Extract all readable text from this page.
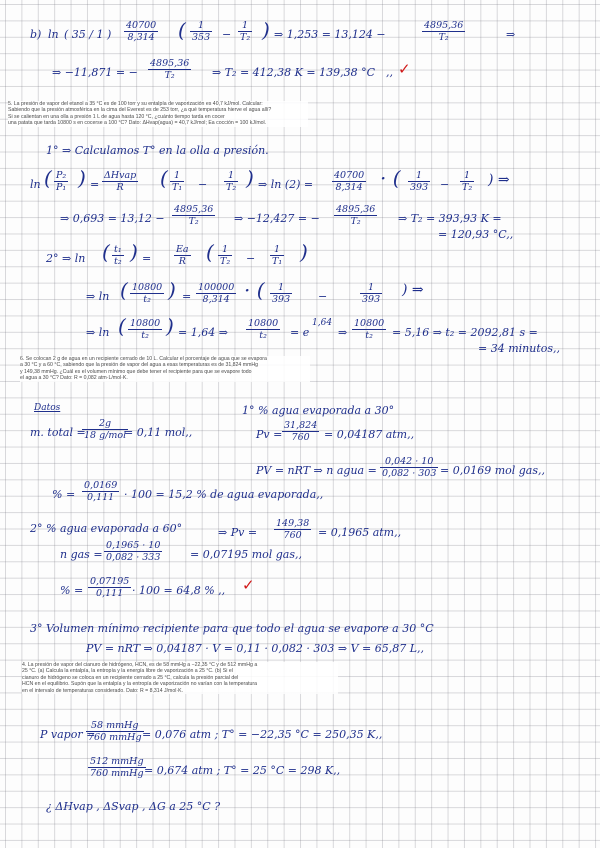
b) ln ( 35 / 1 ) $\frac{40700}{8,314}$ ( $\frac{1}{353} - \frac{1}{\text{T₂}}$ ) ⇒ 1,253 = 13,124 −	$\frac{4895,36}{\text{T₂}}$	⇒
⇒ −11,871 = − $\frac{4895,36}{\text{T₂}}$ ⇒ T₂ = 412,38 K = 139,38 °C ,, ✓
5. La presión de vapor del etanol a 35 °C es de 100 torr y su entalpía de vaporización es 40,7 kJ/mol. Calcular:
Sabiendo que la presión atmosférica en la cima del Everest es de 253 torr, ¿a qué temperatura hierve el agua allí?
Si se calientan en una olla a presión 1 L de agua hasta 120 °C, ¿cuánto tiempo tarda en cocer
una patata que tarda 10800 s en cocerse a 100 °C? Dato: ΔHvap(agua) = 40,7 kJ/mol; Ea cocción = 100 kJ/mol.
1° ⇒ Calculamos T° en la olla a presión.
ln ( $\frac{\text{P₂}}{\text{P₁}}$ ) =
ΔHvap
R	( $\frac{1}{\text{T₁}} - \frac{1}{\text{T₂}}$ ) ⇒ $\ln (2) = \frac{40700}{8,314}$ · ( $\frac{1}{393} - \frac{1}{\text{T₂}}$ ) ⇒
⇒ $0,693 = 13,12 - \frac{4895,36}{\text{T₂}}$ ⇒ −12,427 = − $\frac{4895,36}{\text{T₂}}$ ⇒ T₂ = 393,93 K =
= 120,93 °C,,
2° ⇒ ln ( $\frac{\text{t₁}}{\text{t₂}}$ ) = $\frac{Ea}{R}$ ( $\frac{1}{\text{T₂}} - \frac{1}{\text{T₁}}$ )
⇒ ln ( $\frac{10800}{\text{t₂}}$ ) = $\frac{100000}{8,314}$ · ( $\frac{1}{393}$ −	$\frac{1}{393}$ ) ⇒
⇒ ln ( $\frac{10800}{\text{t₂}}$ ) = 1,64 ⇒ $\frac{10800}{\text{t₂}} = e$
1,64
⇒ $\frac{10800}{\text{t₂}} = 5,16$ ⇒ t₂ = 2092,81 s =
= 34 minutos,,
6. Se colocan 2 g de agua en un recipiente cerrado de 10 L. Calcular el porcentaje de agua que se evapora
a 30 °C y a 60 °C, sabiendo que la presión de vapor del agua a esas temperaturas es de 31,824 mmHg
y 149,38 mmHg. ¿Cuál es el volumen mínimo que debe tener el recipiente para que se evapore todo
el agua a 30 °C? Dato: R = 0,082 atm·L/mol·K.
Datos
m. total =
2g
18 g/mol
= 0,11 mol,,
1° % agua evaporada a 30°
$Pv = \frac{31,824}{760} = 0,04187$ atm,,
PV = nRT ⇒ n agua = $\frac{0,042 \cdot 10}{0,082 \cdot 303} = 0,0169$ mol gas,,
% = $\frac{0,0169}{0,111} \cdot 100 = 15,2$ % de agua evaporada,,
2° % agua evaporada a 60°	⇒ $Pv = \frac{149,38}{760} = 0,1965$ atm,,
n gas = $\frac{0,1965 \cdot 10}{0,082 \cdot 333}$	= 0,07195 mol gas,,
% = $\frac{0,07195}{0,111} \cdot 100 = 64,8$ % ,, ✓
3° Volumen mínimo recipiente para que todo el agua se evapore a 30 °C
PV = nRT ⇒ 0,04187 · V = 0,11 · 0,082 · 303 ⇒ V = 65,87 L,,
4. La presión de vapor del cianuro de hidrógeno, HCN, es de 58 mmHg a −22,35 °C y de 512 mmHg a
25 °C. (a) Calcula la entalpía, la entropía y la energía libre de vaporización a 25 °C. (b) Si el
cianuro de hidrógeno se coloca en un recipiente cerrado a 25 °C, calcula la presión parcial del
HCN en el equilibrio. Supón que la entalpía y la entropía de vaporización no varían con la temperatura
en el intervalo de temperaturas considerado. Dato: R = 8,314 J/mol·K.
P vapor =
58 mmHg
760 mmHg = 0,076 atm ; T° = −22,35 °C = 250,35 K,,
512 mmHg
760 mmHg = 0,674 atm ; T° = 25 °C = 298 K,,
¿ ΔHvap , ΔSvap , ΔG a 25 °C ?
